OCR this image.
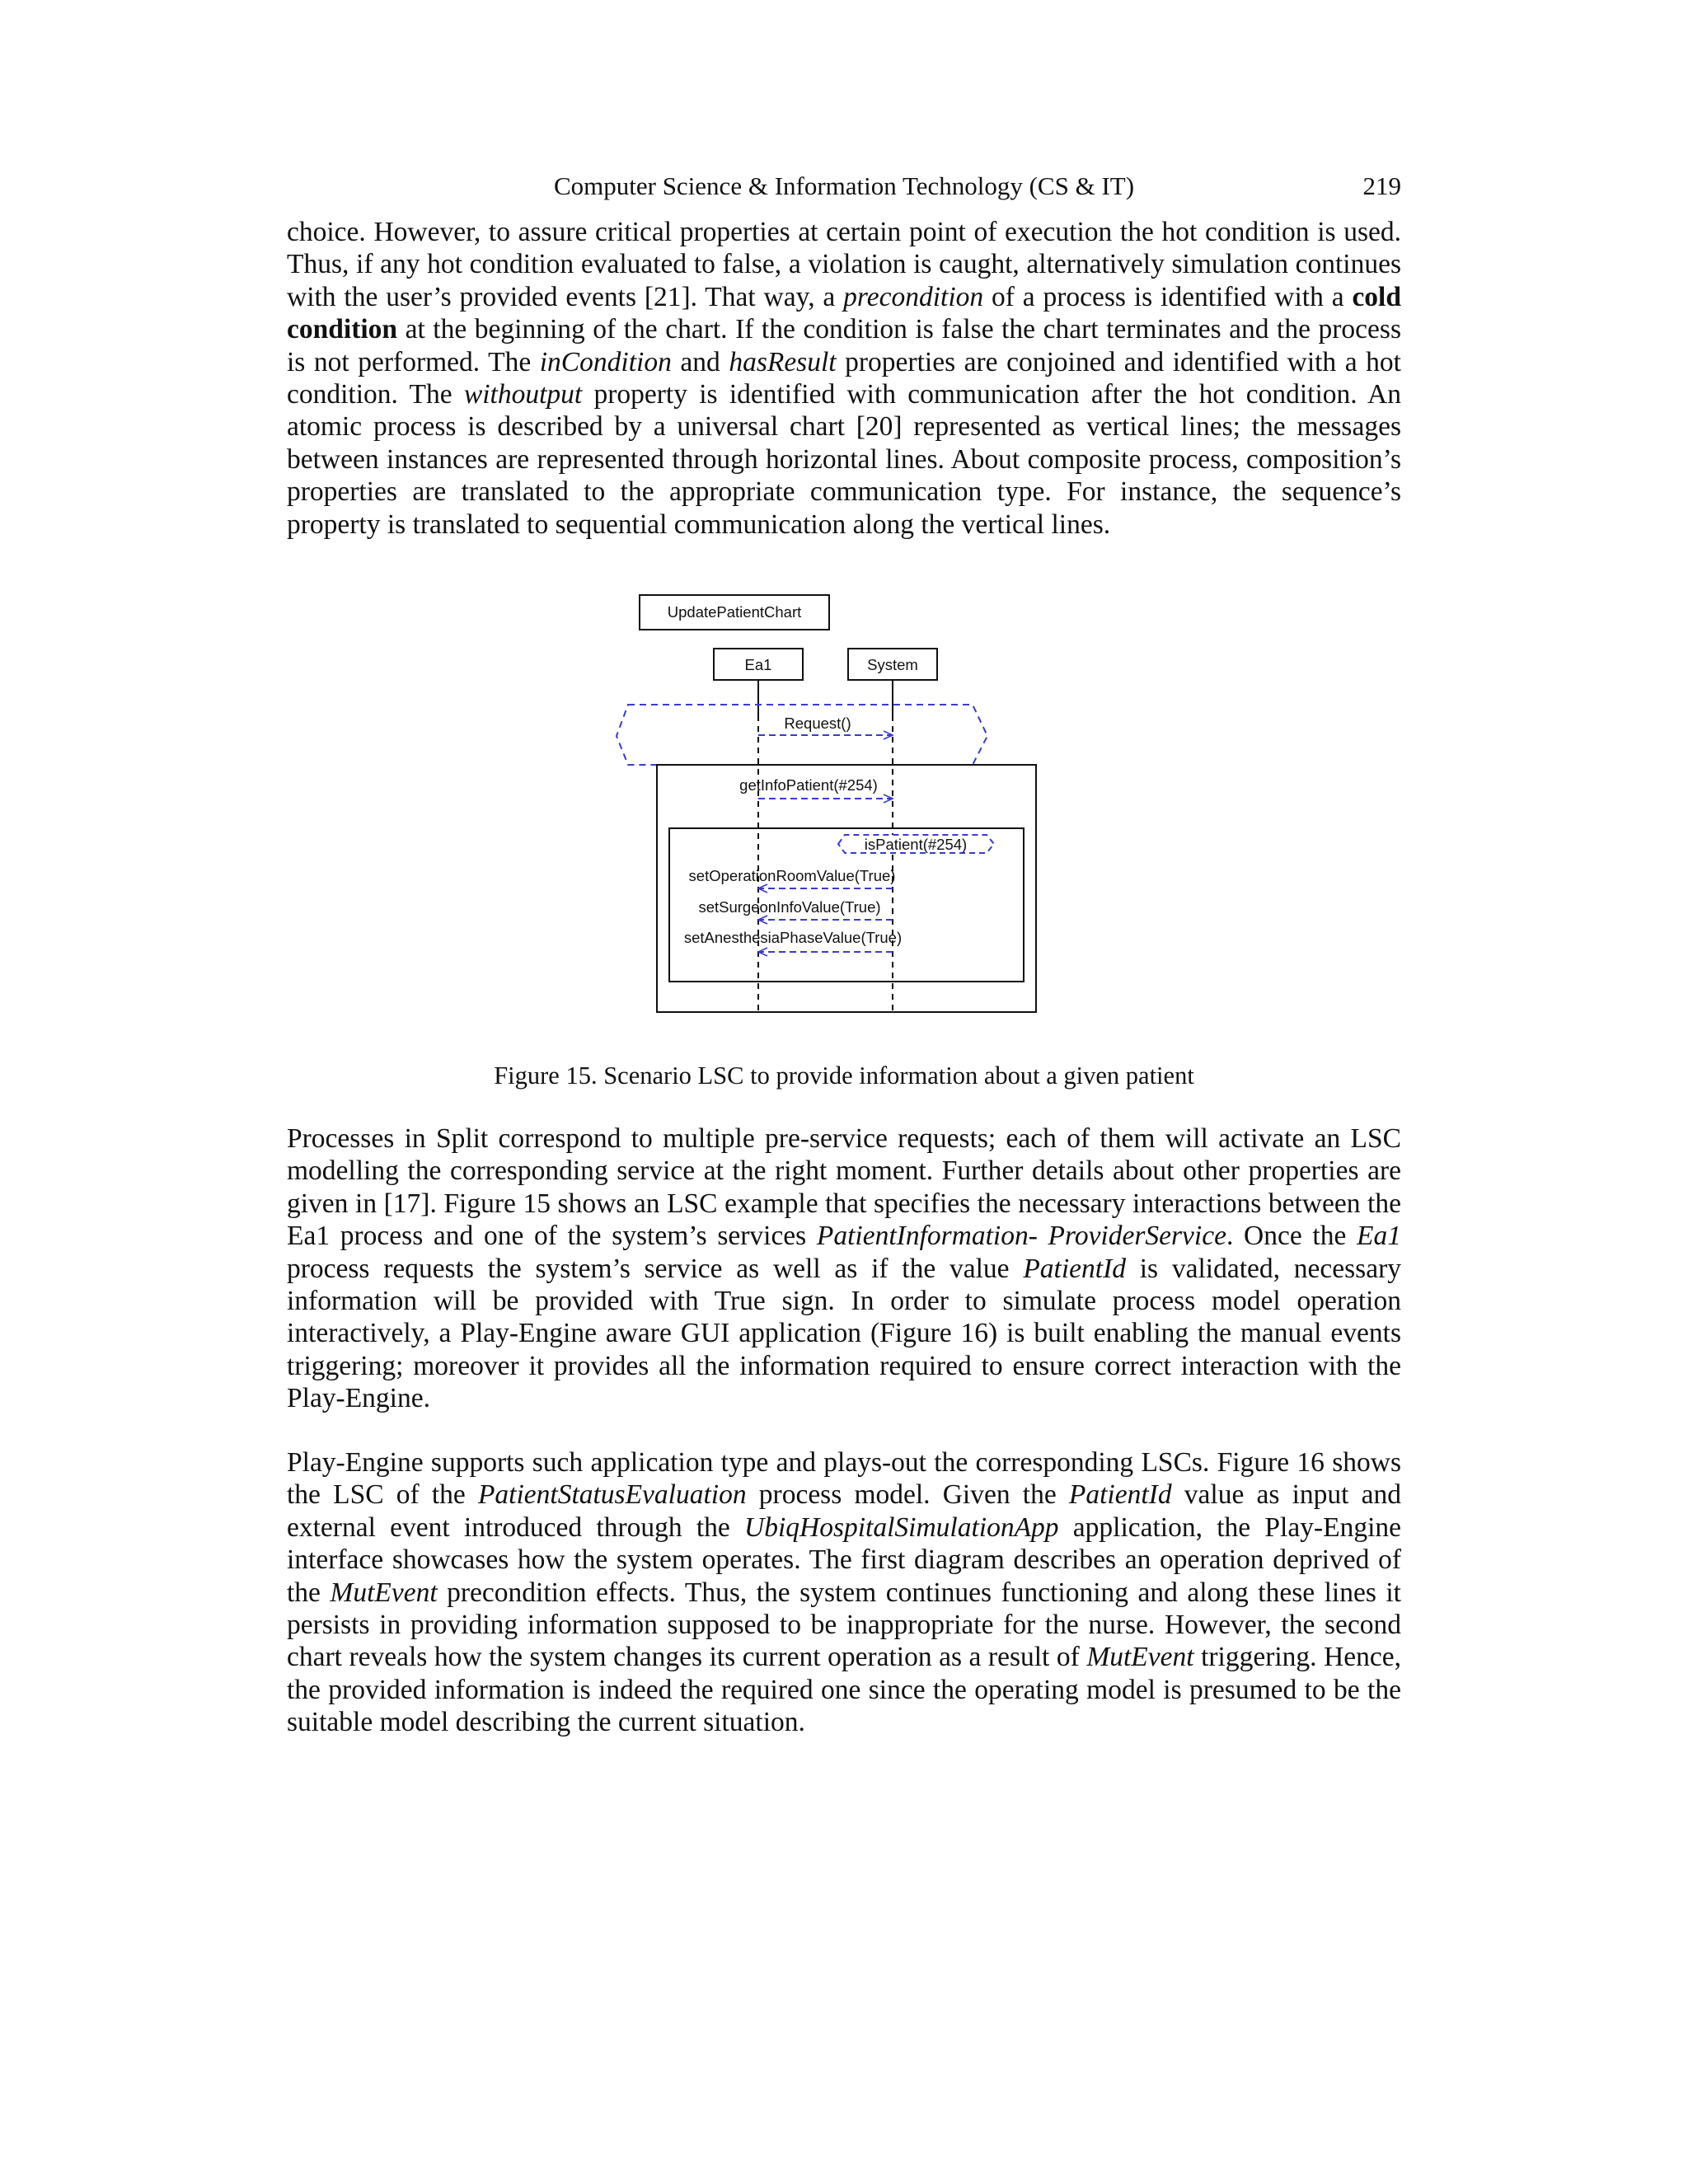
Computer Science & Information Technology (CS & IT)	219

choice. However, to assure critical properties at certain point of execution the hot condition is used. Thus, if any hot condition evaluated to false, a violation is caught, alternatively simulation continues with the user’s provided events [21]. That way, a precondition of a process is identified with a cold condition at the beginning of the chart. If the condition is false the chart terminates and the process is not performed. The inCondition and hasResult properties are conjoined and identified with a hot condition. The withoutput property is identified with communication after the hot condition. An atomic process is described by a universal chart [20] represented as vertical lines; the messages between instances are represented through horizontal lines. About composite process, composition’s properties are translated to the appropriate communication type. For instance, the sequence’s property is translated to sequential communication along the vertical lines.

UpdatePatientChart
Ea1	System
Request()
getInfoPatient(#254)
isPatient(#254)
setOperationRoomValue(True)
setSurgeonInfoValue(True)
setAnesthesiaPhaseValue(True)
Figure 15. Scenario LSC to provide information about a given patient

Processes in Split correspond to multiple pre-service requests; each of them will activate an LSC modelling the corresponding service at the right moment. Further details about other properties are given in [17]. Figure 15 shows an LSC example that specifies the necessary interactions between the Ea1 process and one of the system’s services PatientInformation- ProviderService. Once the Ea1 process requests the system’s service as well as if the value PatientId is validated, necessary information will be provided with True sign. In order to simulate process model operation interactively, a Play-Engine aware GUI application (Figure 16) is built enabling the manual events triggering; moreover it provides all the information required to ensure correct interaction with the Play-Engine.

Play-Engine supports such application type and plays-out the corresponding LSCs. Figure 16 shows the LSC of the PatientStatusEvaluation process model. Given the PatientId value as input and external event introduced through the UbiqHospitalSimulationApp application, the Play-Engine interface showcases how the system operates. The first diagram describes an operation deprived of the MutEvent precondition effects. Thus, the system continues functioning and along these lines it persists in providing information supposed to be inappropriate for the nurse. However, the second chart reveals how the system changes its current operation as a result of MutEvent triggering. Hence, the provided information is indeed the required one since the operating model is presumed to be the suitable model describing the current situation.
